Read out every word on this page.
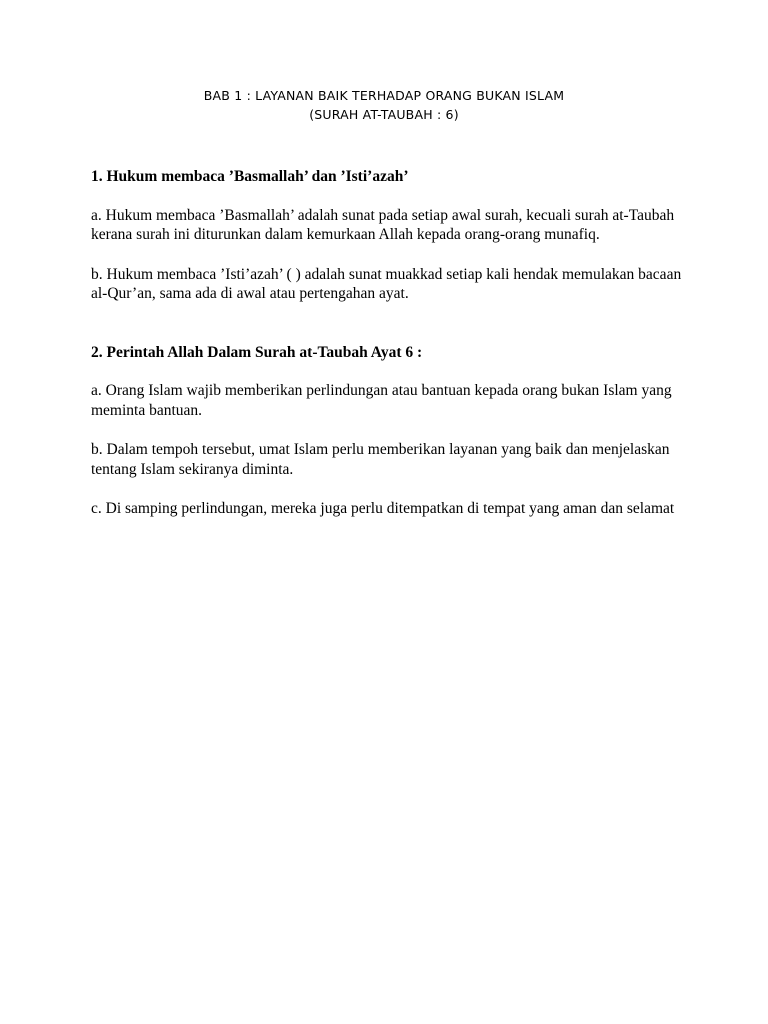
BAB 1 : LAYANAN BAIK TERHADAP ORANG BUKAN ISLAM
(SURAH AT-TAUBAH : 6)

1. Hukum membaca ’Basmallah’ dan ’Isti’azah’

a. Hukum membaca ’Basmallah’ adalah sunat pada setiap awal surah, kecuali surah at-Taubah kerana surah ini diturunkan dalam kemurkaan Allah kepada orang-orang munafiq.

b. Hukum membaca ’Isti’azah’ ( ) adalah sunat muakkad setiap kali hendak memulakan bacaan al-Qur’an, sama ada di awal atau pertengahan ayat.

2. Perintah Allah Dalam Surah at-Taubah Ayat 6 :

a. Orang Islam wajib memberikan perlindungan atau bantuan kepada orang bukan Islam yang meminta bantuan.

b. Dalam tempoh tersebut, umat Islam perlu memberikan layanan yang baik dan menjelaskan tentang Islam sekiranya diminta.

c. Di samping perlindungan, mereka juga perlu ditempatkan di tempat yang aman dan selamat
